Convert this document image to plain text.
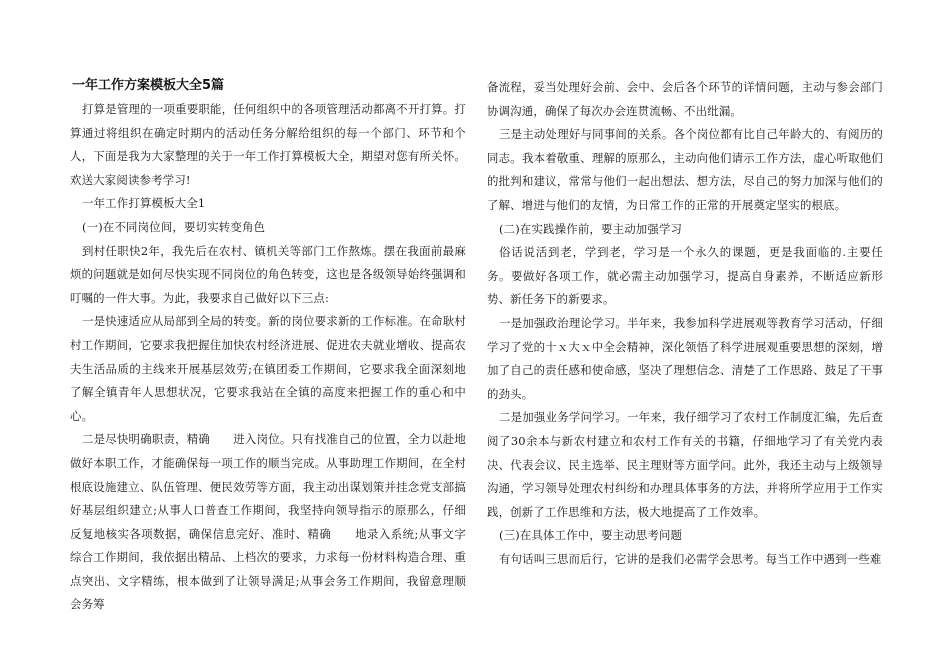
一年工作方案模板大全5篇

打算是管理的一项重要职能，任何组织中的各项管理活动都离不开打算。打算通过将组织在确定时期内的活动任务分解给组织的每一个部门、环节和个人，下面是我为大家整理的关于一年工作打算模板大全，期望对您有所关怀。欢送大家阅读参考学习!

一年工作打算模板大全1

(一)在不同岗位间，要切实转变角色

到村任职快2年，我先后在农村、镇机关等部门工作熬炼。摆在我面前最麻烦的问题就是如何尽快实现不同岗位的角色转变，这也是各级领导始终强调和叮嘱的一件大事。为此，我要求自己做好以下三点:

一是快速适应从局部到全局的转变。新的岗位要求新的工作标准。在命耿村村工作期间，它要求我把握住加快农村经济进展、促进农夫就业增收、提高农夫生活品质的主线来开展基层效劳;在镇团委工作期间，它要求我全面深刻地了解全镇青年人思想状况，它要求我站在全镇的高度来把握工作的重心和中心。

二是尽快明确职责，精确　　进入岗位。只有找准自己的位置，全力以赴地做好本职工作，才能确保每一项工作的顺当完成。从事助理工作期间，在全村根底设施建立、队伍管理、便民效劳等方面，我主动出谋划策并挂念党支部搞好基层组织建立;从事人口普查工作期间，我坚持向领导指示的原那么，仔细反复地核实各项数据，确保信息完好、准时、精确　　地录入系统;从事文字综合工作期间，我依据出精品、上档次的要求，力求每一份材料构造合理、重点突出、文字精练，根本做到了让领导满足;从事会务工作期间，我留意理顺会务筹

备流程，妥当处理好会前、会中、会后各个环节的详情问题，主动与参会部门协调沟通，确保了每次办会连贯流畅、不出纰漏。

三是主动处理好与同事间的关系。各个岗位都有比自己年龄大的、有阅历的同志。我本着敬重、理解的原那么，主动向他们请示工作方法，虚心听取他们的批判和建议，常常与他们一起出想法、想方法，尽自己的努力加深与他们的了解、增进与他们的友情，为日常工作的正常的开展奠定坚实的根底。

(二)在实践操作前，要主动加强学习

俗话说活到老，学到老，学习是一个永久的课题，更是我面临的.主要任务。要做好各项工作，就必需主动加强学习，提高自身素养，不断适应新形势、新任务下的新要求。

一是加强政治理论学习。半年来，我参加科学进展观等教育学习活动，仔细学习了党的十ｘ大ｘ中全会精神，深化领悟了科学进展观重要思想的深刻，增加了自己的责任感和使命感，坚决了理想信念、清楚了工作思路、鼓足了干事的劲头。

二是加强业务学问学习。一年来，我仔细学习了农村工作制度汇编，先后查阅了30余本与新农村建立和农村工作有关的书籍，仔细地学习了有关党内表决、代表会议、民主选举、民主理财等方面学问。此外，我还主动与上级领导沟通，学习领导处理农村纠纷和办理具体事务的方法，并将所学应用于工作实践，创新了工作思维和方法，极大地提高了工作效率。

(三)在具体工作中，要主动思考问题

有句话叫三思而后行，它讲的是我们必需学会思考。每当工作中遇到一些难
